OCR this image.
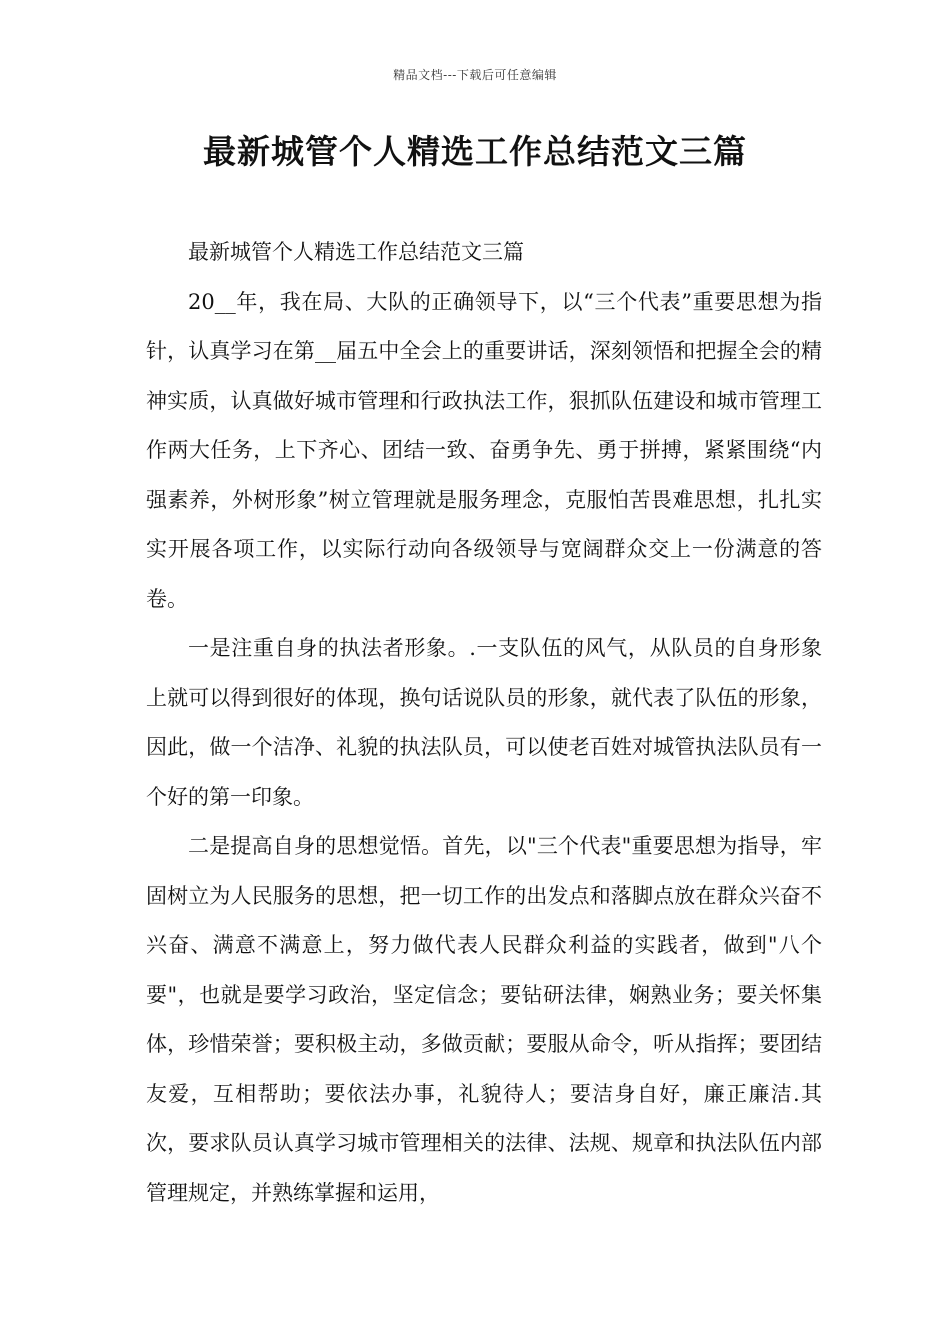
精品文档---下载后可任意编辑
最新城管个人精选工作总结范文三篇

最新城管个人精选工作总结范文三篇

20__年，我在局、大队的正确领导下，以“三个代表”重要思想为指针，认真学习在第__届五中全会上的重要讲话，深刻领悟和把握全会的精神实质，认真做好城市管理和行政执法工作，狠抓队伍建设和城市管理工作两大任务，上下齐心、团结一致、奋勇争先、勇于拼搏，紧紧围绕“内强素养，外树形象”树立管理就是服务理念，克服怕苦畏难思想，扎扎实实开展各项工作，以实际行动向各级领导与宽阔群众交上一份满意的答卷。

一是注重自身的执法者形象。.一支队伍的风气，从队员的自身形象上就可以得到很好的体现，换句话说队员的形象，就代表了队伍的形象，因此，做一个洁净、礼貌的执法队员，可以使老百姓对城管执法队员有一个好的第一印象。

二是提高自身的思想觉悟。首先，以"三个代表"重要思想为指导，牢固树立为人民服务的思想，把一切工作的出发点和落脚点放在群众兴奋不兴奋、满意不满意上，努力做代表人民群众利益的实践者，做到"八个要"，也就是要学习政治，坚定信念；要钻研法律，娴熟业务；要关怀集体，珍惜荣誉；要积极主动，多做贡献；要服从命令，听从指挥；要团结友爱，互相帮助；要依法办事，礼貌待人；要洁身自好，廉正廉洁.其次，要求队员认真学习城市管理相关的法律、法规、规章和执法队伍内部管理规定，并熟练掌握和运用，
